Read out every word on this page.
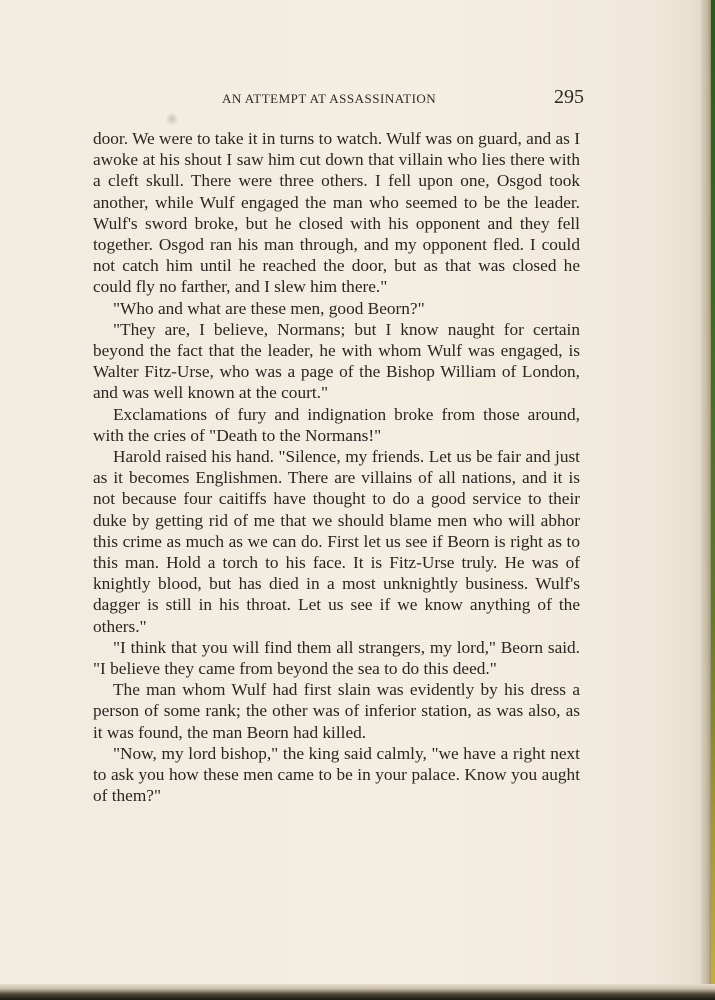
AN ATTEMPT AT ASSASSINATION	295

door. We were to take it in turns to watch. Wulf was on guard, and as I awoke at his shout I saw him cut down that villain who lies there with a cleft skull. There were three others. I fell upon one, Osgod took another, while Wulf engaged the man who seemed to be the leader. Wulf's sword broke, but he closed with his opponent and they fell together. Osgod ran his man through, and my opponent fled. I could not catch him until he reached the door, but as that was closed he could fly no farther, and I slew him there."

"Who and what are these men, good Beorn?"

"They are, I believe, Normans; but I know naught for certain beyond the fact that the leader, he with whom Wulf was engaged, is Walter Fitz-Urse, who was a page of the Bishop William of London, and was well known at the court."

Exclamations of fury and indignation broke from those around, with the cries of "Death to the Normans!"

Harold raised his hand. "Silence, my friends. Let us be fair and just as it becomes Englishmen. There are villains of all nations, and it is not because four caitiffs have thought to do a good service to their duke by getting rid of me that we should blame men who will abhor this crime as much as we can do. First let us see if Beorn is right as to this man. Hold a torch to his face. It is Fitz-Urse truly. He was of knightly blood, but has died in a most unknightly business. Wulf's dagger is still in his throat. Let us see if we know anything of the others."

"I think that you will find them all strangers, my lord," Beorn said. "I believe they came from beyond the sea to do this deed."

The man whom Wulf had first slain was evidently by his dress a person of some rank; the other was of inferior station, as was also, as it was found, the man Beorn had killed.

"Now, my lord bishop," the king said calmly, "we have a right next to ask you how these men came to be in your palace. Know you aught of them?"
